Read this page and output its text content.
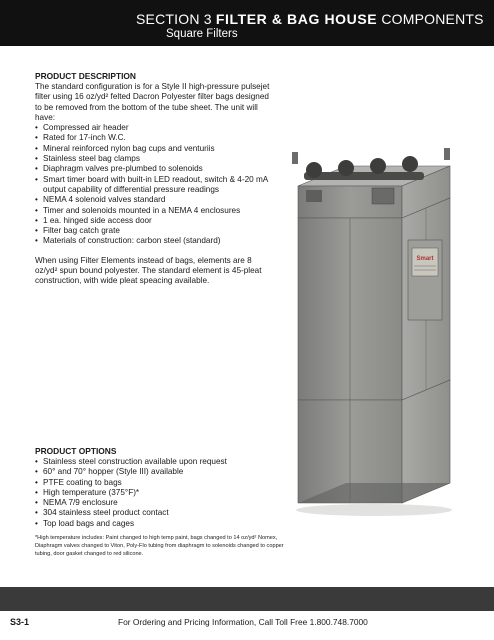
SECTION 3 FILTER & BAG HOUSE COMPONENTS
Square Filters
PRODUCT DESCRIPTION

The standard configuration is for a Style II high-pressure pulsejet filter using 16 oz/yd² felted Dacron Polyester filter bags designed to be removed from the bottom of the tube sheet. The unit will have:

• Compressed air header
• Rated for 17-inch W.C.
• Mineral reinforced nylon bag cups and venturiis
• Stainless steel bag clamps
• Diaphragm valves pre-plumbed to solenoids
• Smart timer board with built-in LED readout, switch & 4-20 mA output capability of differential pressure readings
• NEMA 4 solenoid valves standard
• Timer and solenoids mounted in a NEMA 4 enclosures
• 1 ea. hinged side access door
• Filter bag catch grate
• Materials of construction: carbon steel (standard)

When using Filter Elements instead of bags, elements are 8 oz/yd² spun bound polyester. The standard element is 45-pleat construction, with wide pleat speacing available.

Smart
PRODUCT OPTIONS
• Stainless steel construction available upon request
• 60° and 70° hopper (Style III) available
• PTFE coating to bags
• High temperature (375°F)*
• NEMA 7/9 enclosure
• 304 stainless steel product contact
• Top load bags and cages

*High temperature includes: Paint changed to high temp paint, bags changed to 14 oz/yd² Nomex, Diaphragm valves changed to Viton, Poly-Flo tubing from diaphragm to solenoids changed to copper tubing, door gasket changed to red silicone.

S3-1	For Ordering and Pricing Information, Call Toll Free 1.800.748.7000
